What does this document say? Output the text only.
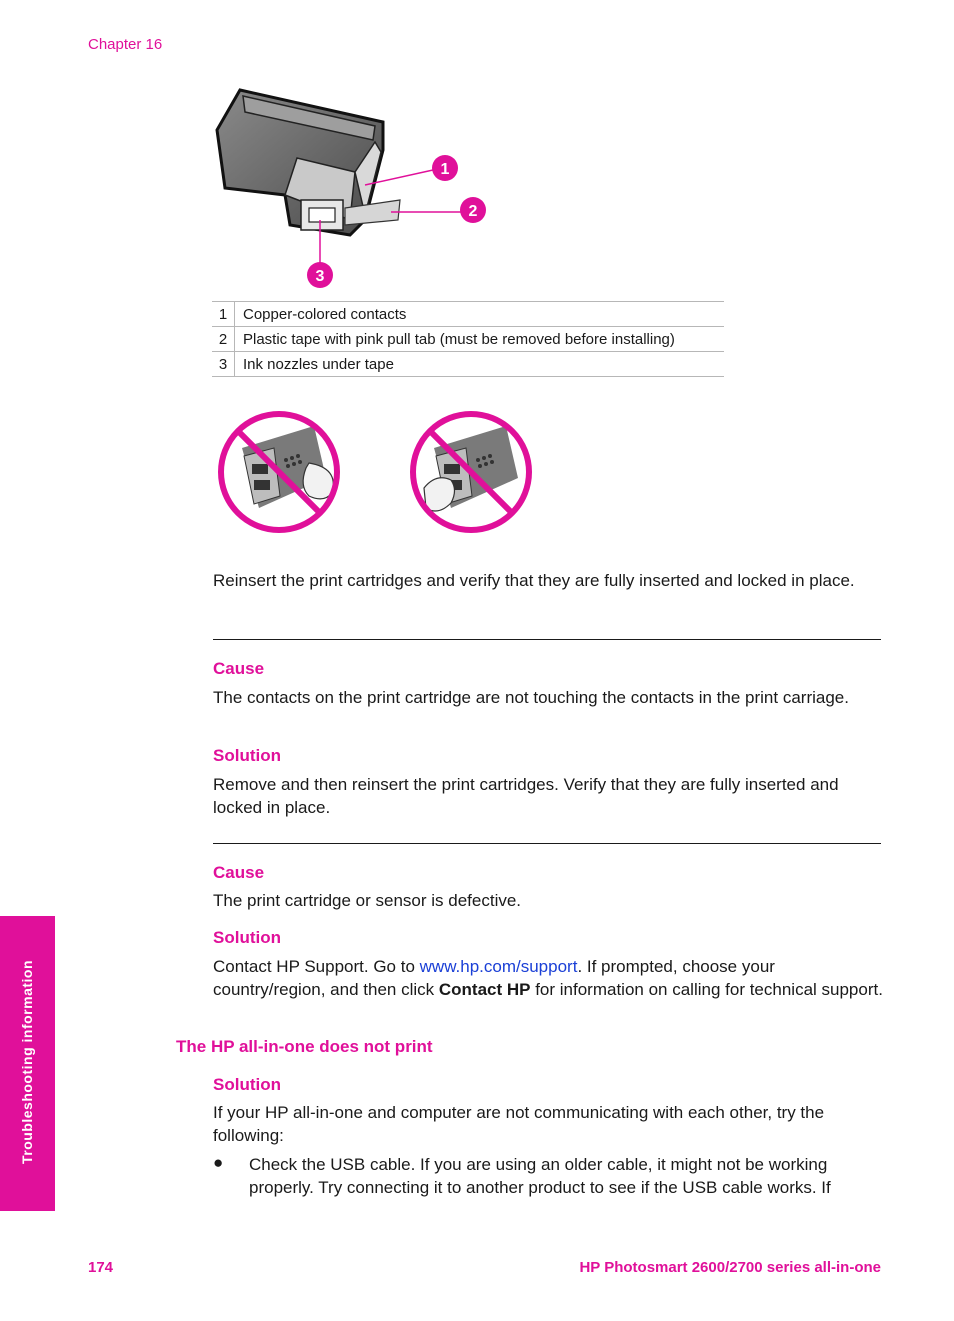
Chapter 16
1
2
3
1	Copper-colored contacts
2	Plastic tape with pink pull tab (must be removed before installing)
3	Ink nozzles under tape

Reinsert the print cartridges and verify that they are fully inserted and locked in place.

Cause

The contacts on the print cartridge are not touching the contacts in the print carriage.

Solution

Remove and then reinsert the print cartridges. Verify that they are fully inserted and locked in place.

Cause

The print cartridge or sensor is defective.

Solution

Contact HP Support. Go to www.hp.com/support. If prompted, choose your country/region, and then click Contact HP for information on calling for technical support.

The HP all-in-one does not print
Solution

If your HP all-in-one and computer are not communicating with each other, try the following:

● Check the USB cable. If you are using an older cable, it might not be working properly. Try connecting it to another product to see if the USB cable works. If

Troubleshooting information
174	HP Photosmart 2600/2700 series all-in-one
